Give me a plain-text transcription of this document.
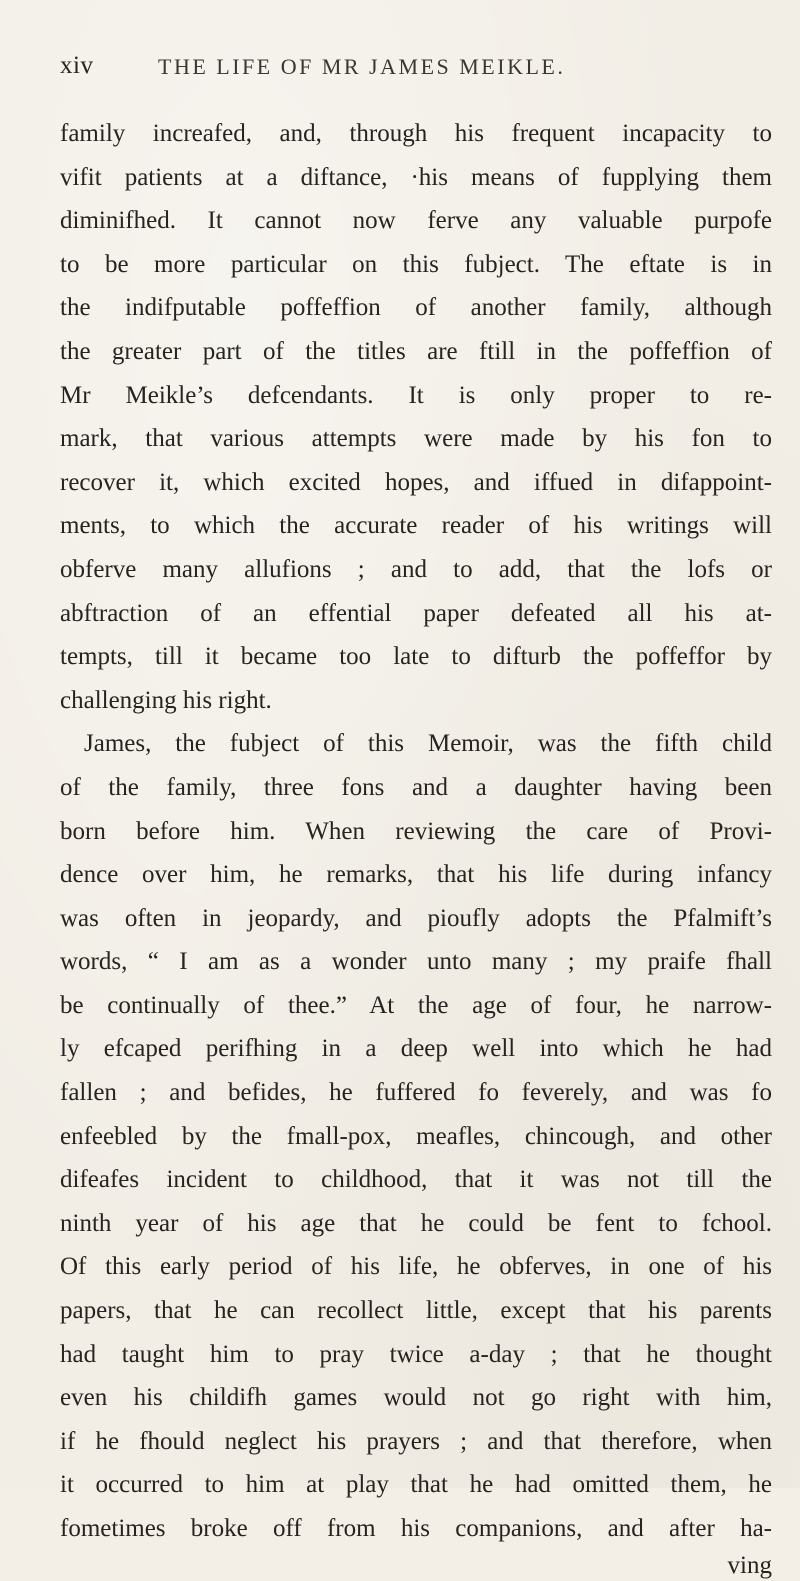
xiv	THE LIFE OF MR JAMES MEIKLE.
family increafed, and, through his frequent incapacity to
vifit patients at a diftance, ·his means of fupplying them
diminifhed. It cannot now ferve any valuable purpofe
to be more particular on this fubject. The eftate is in
the indifputable poffeffion of another family, although
the greater part of the titles are ftill in the poffeffion of
Mr Meikle’s defcendants. It is only proper to re-
mark, that various attempts were made by his fon to
recover it, which excited hopes, and iffued in difappoint-
ments, to which the accurate reader of his writings will
obferve many allufions ; and to add, that the lofs or
abftraction of an effential paper defeated all his at-
tempts, till it became too late to difturb the poffeffor by
challenging his right.
James, the fubject of this Memoir, was the fifth child
of the family, three fons and a daughter having been
born before him. When reviewing the care of Provi-
dence over him, he remarks, that his life during infancy
was often in jeopardy, and pioufly adopts the Pfalmift’s
words, “ I am as a wonder unto many ; my praife fhall
be continually of thee.” At the age of four, he narrow-
ly efcaped perifhing in a deep well into which he had
fallen ; and befides, he fuffered fo feverely, and was fo
enfeebled by the fmall-pox, meafles, chincough, and other
difeafes incident to childhood, that it was not till the
ninth year of his age that he could be fent to fchool.
Of this early period of his life, he obferves, in one of his
papers, that he can recollect little, except that his parents
had taught him to pray twice a-day ; that he thought
even his childifh games would not go right with him,
if he fhould neglect his prayers ; and that therefore, when
it occurred to him at play that he had omitted them, he
fometimes broke off from his companions, and after ha-
ving
